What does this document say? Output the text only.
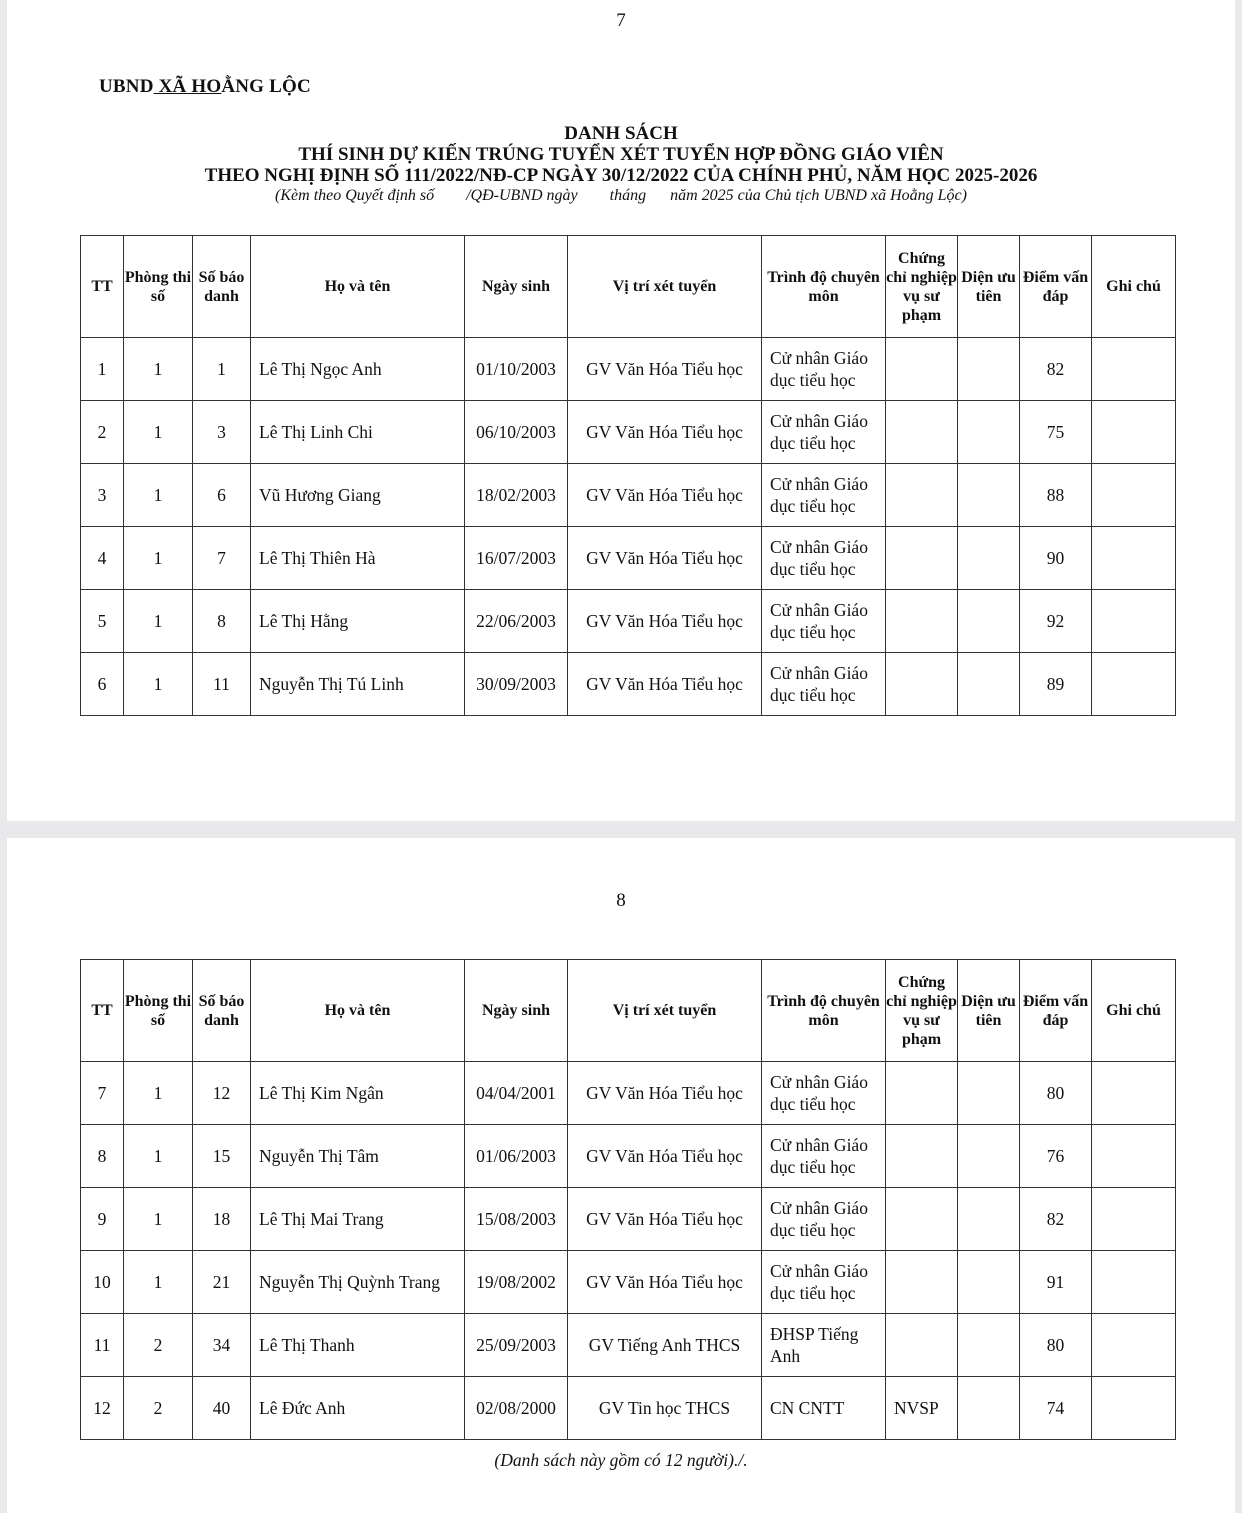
7
UBND XÃ HOẰNG LỘC
DANH SÁCH
THÍ SINH DỰ KIẾN TRÚNG TUYỂN XÉT TUYỂN HỢP ĐỒNG GIÁO VIÊN
THEO NGHỊ ĐỊNH SỐ 111/2022/NĐ-CP NGÀY 30/12/2022 CỦA CHÍNH PHỦ, NĂM HỌC 2025-2026
(Kèm theo Quyết định số        /QĐ-UBND ngày        tháng      năm 2025 của Chủ tịch UBND xã Hoằng Lộc)
TT	Phòng thi số	Số báo danh	Họ và tên	Ngày sinh	Vị trí xét tuyển	Trình độ chuyên môn	Chứng chỉ nghiệp vụ sư phạm	Diện ưu tiên	Điểm vấn đáp	Ghi chú
1	1	1	Lê Thị Ngọc Anh	01/10/2003	GV Văn Hóa Tiểu học	Cử nhân Giáo dục tiểu học			82	
2	1	3	Lê Thị Linh Chi	06/10/2003	GV Văn Hóa Tiểu học	Cử nhân Giáo dục tiểu học			75	
3	1	6	Vũ Hương Giang	18/02/2003	GV Văn Hóa Tiểu học	Cử nhân Giáo dục tiểu học			88	
4	1	7	Lê Thị Thiên Hà	16/07/2003	GV Văn Hóa Tiểu học	Cử nhân Giáo dục tiểu học			90	
5	1	8	Lê Thị Hằng	22/06/2003	GV Văn Hóa Tiểu học	Cử nhân Giáo dục tiểu học			92	
6	1	11	Nguyễn Thị Tú Linh	30/09/2003	GV Văn Hóa Tiểu học	Cử nhân Giáo dục tiểu học			89	
8
TT	Phòng thi số	Số báo danh	Họ và tên	Ngày sinh	Vị trí xét tuyển	Trình độ chuyên môn	Chứng chỉ nghiệp vụ sư phạm	Diện ưu tiên	Điểm vấn đáp	Ghi chú
7	1	12	Lê Thị Kim Ngân	04/04/2001	GV Văn Hóa Tiểu học	Cử nhân Giáo dục tiểu học			80	
8	1	15	Nguyễn Thị Tâm	01/06/2003	GV Văn Hóa Tiểu học	Cử nhân Giáo dục tiểu học			76	
9	1	18	Lê Thị Mai Trang	15/08/2003	GV Văn Hóa Tiểu học	Cử nhân Giáo dục tiểu học			82	
10	1	21	Nguyễn Thị Quỳnh Trang	19/08/2002	GV Văn Hóa Tiểu học	Cử nhân Giáo dục tiểu học			91	
11	2	34	Lê Thị Thanh	25/09/2003	GV Tiếng Anh THCS	ĐHSP Tiếng Anh			80	
12	2	40	Lê Đức Anh	02/08/2000	GV Tin học THCS	CN CNTT	NVSP		74	
(Danh sách này gồm có 12 người)./.
